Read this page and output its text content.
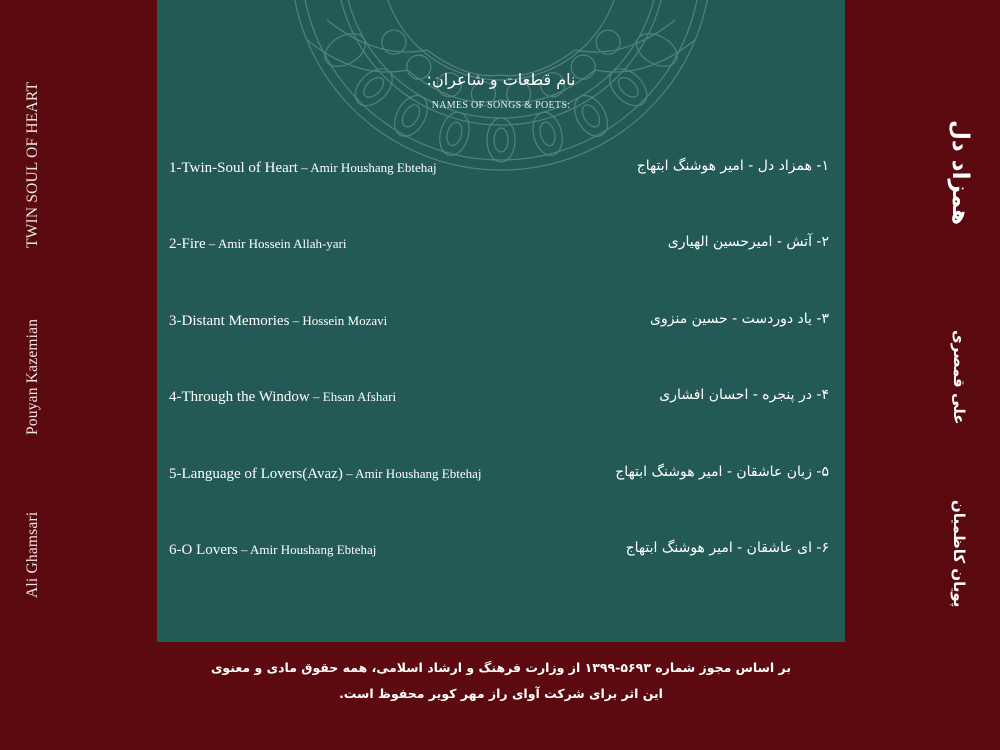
TWIN SOUL OF HEART
Pouyan Kazemian
Ali Ghamsari
همزاد دل
علی قمصری
پویان کاظمیان
نام قطعات و شاعران:
NAMES OF SONGS & POETS:
1-Twin-Soul of Heart – Amir Houshang Ebtehaj	۱- همزاد دل - امیر هوشنگ ابتهاج
2-Fire – Amir Hossein Allah-yari	۲- آتش - امیرحسین الهیاری
3-Distant Memories – Hossein Mozavi	۳- یاد دوردست - حسین منزوی
4-Through the Window – Ehsan Afshari	۴- در پنجره - احسان افشاری
5-Language of Lovers(Avaz) – Amir Houshang Ebtehaj	۵- زبان عاشقان - امیر هوشنگ ابتهاج
6-O Lovers – Amir Houshang Ebtehaj	۶- ای عاشقان - امیر هوشنگ ابتهاج
بر اساس مجوز شماره ۵۶۹۳-۱۳۹۹ از وزارت فرهنگ و ارشاد اسلامی، همه حقوق مادی و معنوی
این اثر برای شرکت آوای راز مهر کویر محفوظ است.
